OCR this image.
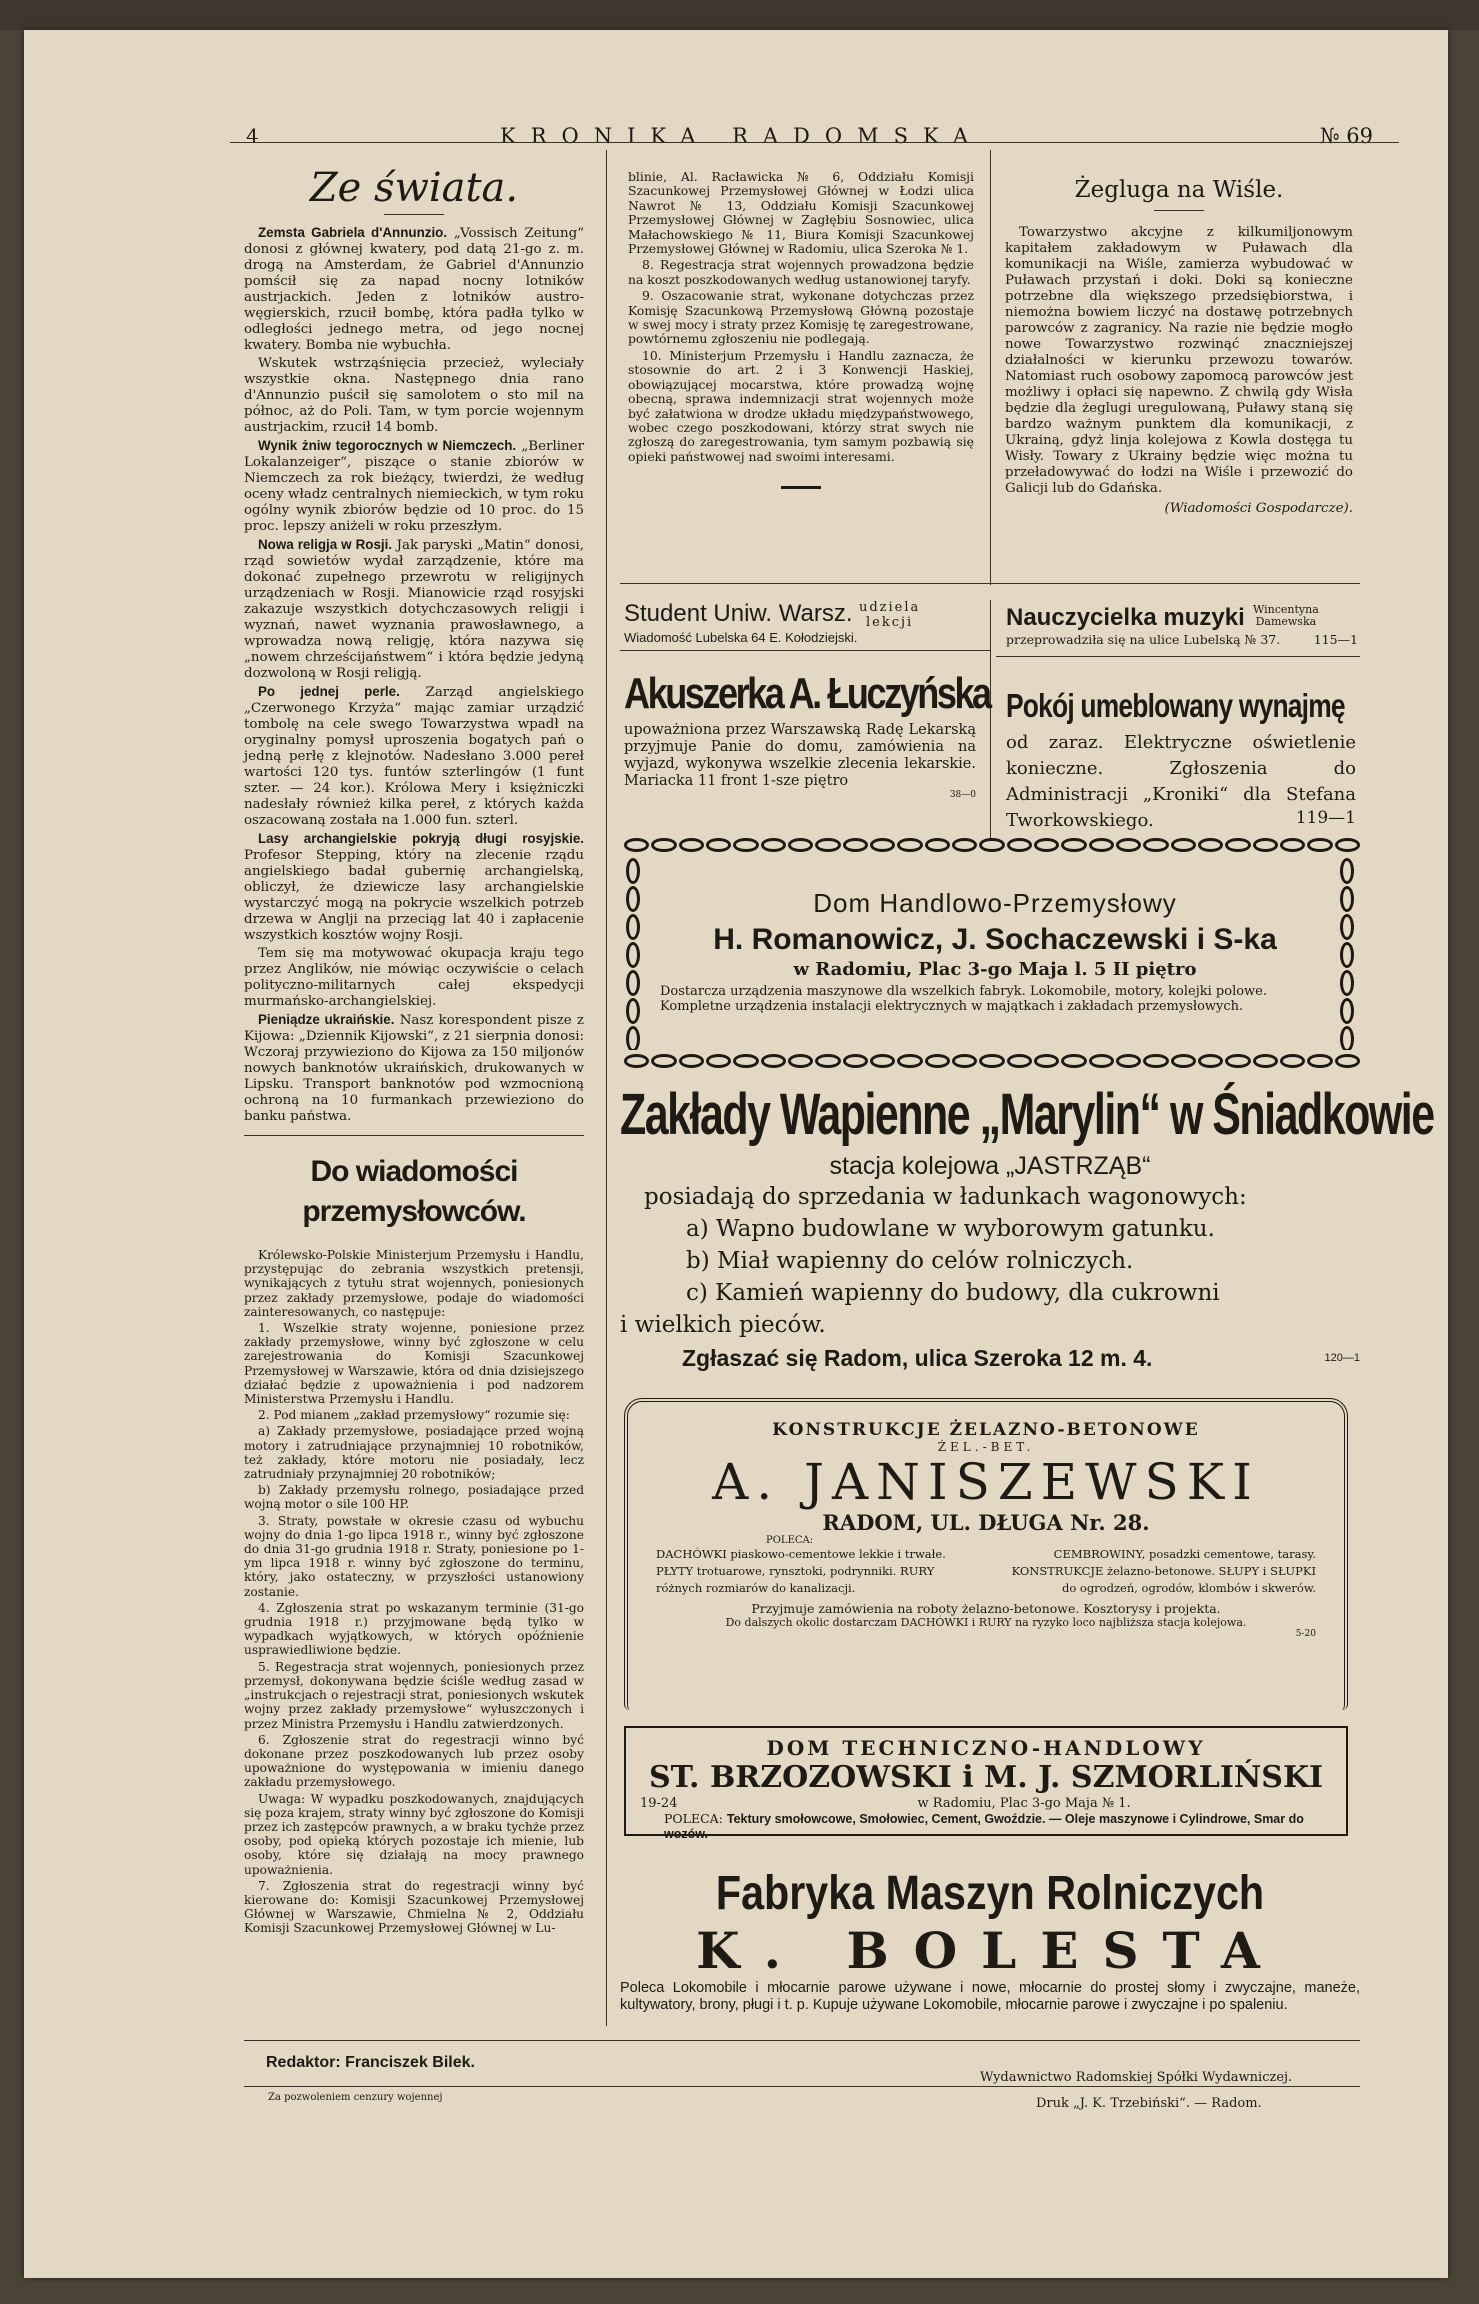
4	KRONIKA RADOMSKA	№ 69
Ze świata.

Zemsta Gabriela d'Annunzio. „Vossisch Zeitung“ donosi z głównej kwatery, pod datą 21-go z. m. drogą na Amsterdam, że Gabriel d'Annunzio pomścił się za napad nocny lotników austrjackich. Jeden z lotników austro-węgierskich, rzucił bombę, która padła tylko w odległości jednego metra, od jego nocnej kwatery. Bomba nie wybuchła.

Wskutek wstrząśnięcia przecież, wyleciały wszystkie okna. Następnego dnia rano d'Annunzio puścił się samolotem o sto mil na północ, aż do Poli. Tam, w tym porcie wojennym austrjackim, rzucił 14 bomb.

Wynik żniw tegorocznych w Niemczech. „Berliner Lokalanzeiger“, piszące o stanie zbiorów w Niemczech za rok bieżący, twierdzi, że według oceny władz centralnych niemieckich, w tym roku ogólny wynik zbiorów będzie od 10 proc. do 15 proc. lepszy aniżeli w roku przeszłym.

Nowa religja w Rosji. Jak paryski „Matin“ donosi, rząd sowietów wydał zarządzenie, które ma dokonać zupełnego przewrotu w religijnych urządzeniach w Rosji. Mianowicie rząd rosyjski zakazuje wszystkich dotychczasowych religji i wyznań, nawet wyznania prawosławnego, a wprowadza nową religję, która nazywa się „nowem chrześcijaństwem“ i która będzie jedyną dozwoloną w Rosji religją.

Po jednej perle. Zarząd angielskiego „Czerwonego Krzyża“ mając zamiar urządzić tombolę na cele swego Towarzystwa wpadł na oryginalny pomysł uproszenia bogatych pań o jedną perłę z klejnotów. Nadesłano 3.000 pereł wartości 120 tys. funtów szterlingów (1 funt szter. — 24 kor.). Królowa Mery i księżniczki nadesłały również kilka pereł, z których każda oszacowaną została na 1.000 fun. szterl.

Lasy archangielskie pokryją długi rosyjskie. Profesor Stepping, który na zlecenie rządu angielskiego badał gubernię archangielską, obliczył, że dziewicze lasy archangielskie wystarczyć mogą na pokrycie wszelkich potrzeb drzewa w Anglji na przeciąg lat 40 i zapłacenie wszystkich kosztów wojny Rosji.

Tem się ma motywować okupacja kraju tego przez Anglików, nie mówiąc oczywiście o celach polityczno-militarnych całej ekspedycji murmańsko-archangielskiej.

Pieniądze ukraińskie. Nasz korespondent pisze z Kijowa: „Dziennik Kijowski“, z 21 sierpnia donosi: Wczoraj przywieziono do Kijowa za 150 miljonów nowych banknotów ukraińskich, drukowanych w Lipsku. Transport banknotów pod wzmocnioną ochroną na 10 furmankach przewieziono do banku państwa.

Do wiadomości przemysłowców.

Królewsko-Polskie Ministerjum Przemysłu i Handlu, przystępując do zebrania wszystkich pretensji, wynikających z tytułu strat wojennych, poniesionych przez zakłady przemysłowe, podaje do wiadomości zainteresowanych, co następuje:

1. Wszelkie straty wojenne, poniesione przez zakłady przemysłowe, winny być zgłoszone w celu zarejestrowania do Komisji Szacunkowej Przemysłowej w Warszawie, która od dnia dzisiejszego działać będzie z upoważnienia i pod nadzorem Ministerstwa Przemysłu i Handlu.

2. Pod mianem „zakład przemysłowy“ rozumie się:

a) Zakłady przemysłowe, posiadające przed wojną motory i zatrudniające przynajmniej 10 robotników, też zakłady, które motoru nie posiadały, lecz zatrudniały przynajmniej 20 robotników;

b) Zakłady przemysłu rolnego, posiadające przed wojną motor o sile 100 HP.

3. Straty, powstałe w okresie czasu od wybuchu wojny do dnia 1-go lipca 1918 r., winny być zgłoszone do dnia 31-go grudnia 1918 r. Straty, poniesione po 1-ym lipca 1918 r. winny być zgłoszone do terminu, który, jako ostateczny, w przyszłości ustanowiony zostanie.

4. Zgłoszenia strat po wskazanym terminie (31-go grudnia 1918 r.) przyjmowane będą tylko w wypadkach wyjątkowych, w których opóźnienie usprawiedliwione będzie.

5. Regestracja strat wojennych, poniesionych przez przemysł, dokonywana będzie ściśle według zasad w „instrukcjach o rejestracji strat, poniesionych wskutek wojny przez zakłady przemysłowe“ wyłuszczonych i przez Ministra Przemysłu i Handlu zatwierdzonych.

6. Zgłoszenie strat do regestracji winno być dokonane przez poszkodowanych lub przez osoby upoważnione do występowania w imieniu danego zakładu przemysłowego.

Uwaga: W wypadku poszkodowanych, znajdujących się poza krajem, straty winny być zgłoszone do Komisji przez ich zastępców prawnych, a w braku tychże przez osoby, pod opieką których pozostaje ich mienie, lub osoby, które się działają na mocy prawnego upoważnienia.

7. Zgłoszenia strat do regestracji winny być kierowane do: Komisji Szacunkowej Przemysłowej Głównej w Warszawie, Chmielna № 2, Oddziału Komisji Szacunkowej Przemysłowej Głównej w Lu-

blinie, Al. Racławicka № 6, Oddziału Komisji Szacunkowej Przemysłowej Głównej w Łodzi ulica Nawrot № 13, Oddziału Komisji Szacunkowej Przemysłowej Głównej w Zagłębiu Sosnowiec, ulica Małachowskiego № 11, Biura Komisji Szacunkowej Przemysłowej Głównej w Radomiu, ulica Szeroka № 1.

8. Regestracja strat wojennych prowadzona będzie na koszt poszkodowanych według ustanowionej taryfy.

9. Oszacowanie strat, wykonane dotychczas przez Komisję Szacunkową Przemysłową Główną pozostaje w swej mocy i straty przez Komisję tę zaregestrowane, powtórnemu zgłoszeniu nie podlegają.

10. Ministerjum Przemysłu i Handlu zaznacza, że stosownie do art. 2 i 3 Konwencji Haskiej, obowiązującej mocarstwa, które prowadzą wojnę obecną, sprawa indemnizacji strat wojennych może być załatwiona w drodze układu międzypaństwowego, wobec czego poszkodowani, którzy strat swych nie zgłoszą do zaregestrowania, tym samym pozbawią się opieki państwowej nad swoimi interesami.

Żegluga na Wiśle.

Towarzystwo akcyjne z kilkumiljonowym kapitałem zakładowym w Puławach dla komunikacji na Wiśle, zamierza wybudować w Puławach przystań i doki. Doki są konieczne potrzebne dla większego przedsiębiorstwa, i niemożna bowiem liczyć na dostawę potrzebnych parowców z zagranicy. Na razie nie będzie mogło nowe Towarzystwo rozwinąć znaczniejszej działalności w kierunku przewozu towarów. Natomiast ruch osobowy zapomocą parowców jest możliwy i opłaci się napewno. Z chwilą gdy Wisła będzie dla żeglugi uregulowaną, Puławy staną się bardzo ważnym punktem dla komunikacji, z Ukrainą, gdyż linja kolejowa z Kowla dostęga tu Wisły. Towary z Ukrainy będzie więc można tu przeładowywać do łodzi na Wiśle i przewozić do Galicji lub do Gdańska.

(Wiadomości Gospodarcze).
Student Uniw. Warsz. udziela lekcji
Wiadomość Lubelska 64 E. Kołodziejski.
Nauczycielka muzyki Wincentyna Damewska
przeprowadziła się na ulice Lubelską № 37.	115—1
Akuszerka A. Łuczyńska
upoważniona przez Warszawską Radę Lekarską przyjmuje Panie do domu, zamówienia na wyjazd, wykonywa wszelkie zlecenia lekarskie. Mariacka 11 front 1-sze piętro
38—0
Pokój umeblowany wynajmę
od zaraz. Elektryczne oświetlenie konieczne. Zgłoszenia do Administracji „Kroniki“ dla Stefana Tworkowskiego.	119—1
Dom Handlowo-Przemysłowy
H. Romanowicz, J. Sochaczewski i S-ka
w Radomiu, Plac 3-go Maja l. 5 II piętro
Dostarcza urządzenia maszynowe dla wszelkich fabryk. Lokomobile, motory, kolejki polowe. Kompletne urządzenia instalacji elektrycznych w majątkach i zakładach przemysłowych.
Zakłady Wapienne „Marylin“ w Śniadkowie
stacja kolejowa „JASTRZĄB“
posiadają do sprzedania w ładunkach wagonowych:
a) Wapno budowlane w wyborowym gatunku.
b) Miał wapienny do celów rolniczych.
c) Kamień wapienny do budowy, dla cukrowni
i wielkich pieców.
Zgłaszać się Radom, ulica Szeroka 12 m. 4.	120—1
KONSTRUKCJE ŻELAZNO-BETONOWE
ŻEL.-BET.
A. JANISZEWSKI
RADOM, UL. DŁUGA Nr. 28.
POLECA:
DACHÓWKI piaskowo-cementowe lekkie i trwałe. PŁYTY trotuarowe, rynsztoki, podrynniki. RURY różnych rozmiarów do kanalizacji.
CEMBROWINY, posadzki cementowe, tarasy. KONSTRUKCJE żelazno-betonowe. SŁUPY i SŁUPKI do ogrodzeń, ogrodów, klombów i skwerów.
Przyjmuje zamówienia na roboty żelazno-betonowe. Kosztorysy i projekta.
Do dalszych okolic dostarczam DACHÓWKI i RURY na ryzyko loco najbliższa stacja kolejowa.
5-20
DOM TECHNICZNO-HANDLOWY
ST. BRZOZOWSKI i M. J. SZMORLIŃSKI
19-24	w Radomiu, Plac 3-go Maja № 1.
POLECA: Tektury smołowcowe, Smołowiec, Cement, Gwoździe. — Oleje maszynowe i Cylindrowe, Smar do wozów.
Fabryka Maszyn Rolniczych
K. BOLESTA
Poleca Lokomobile i młocarnie parowe używane i nowe, młocarnie do prostej słomy i zwyczajne, maneże, kultywatory, brony, pługi i t. p. Kupuje używane Lokomobile, młocarnie parowe i zwyczajne i po spaleniu.
Redaktor: Franciszek Bilek.
Wydawnictwo Radomskiej Spółki Wydawniczej.
Za pozwoleniem cenzury wojennej	Druk „J. K. Trzebiński“. — Radom.
